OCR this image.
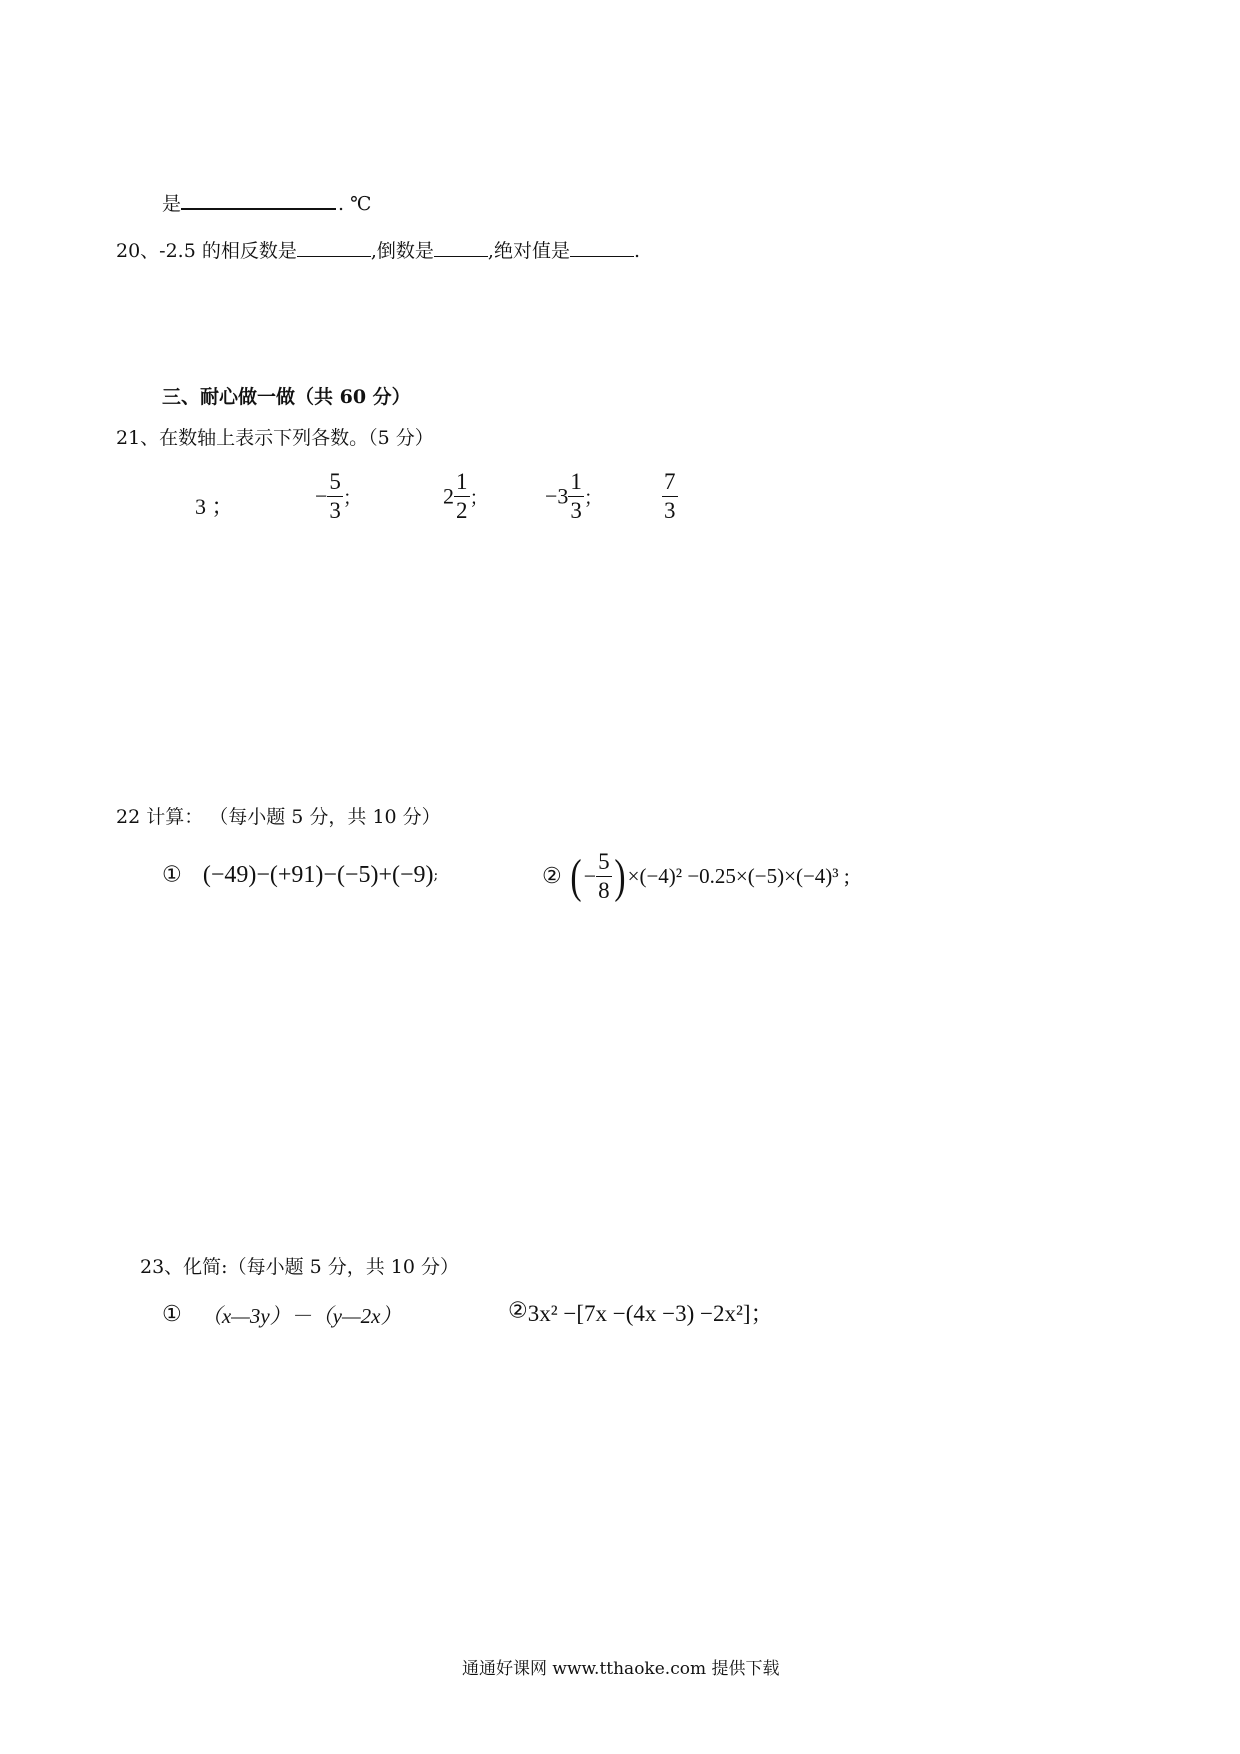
是	. ℃
20、-2.5 的相反数是	,倒数是	,绝对值是	.
三、耐心做一做（共 60 分）
21、在数轴上表示下列各数。（5 分）
3 ；	− $\frac{5}{3}$ ；	$2 \frac{1}{2}$ ；	$-3 \frac{1}{3}$ ；	$\frac{7}{3}$
22 计算： （每小题 5 分，共 10 分）
① (−49)−(+91)−(−5)+(−9);	② ( − $\frac{5}{8}$ ) ×(−4)² −0.25×(−5)×(−4)³ ;
23、化简:（每小题 5 分，共 10 分）
① （x—3y）－（y—2x）	②3x² −[7x −(4x −3) −2x²]；
通通好课网 www.tthaoke.com 提供下载
